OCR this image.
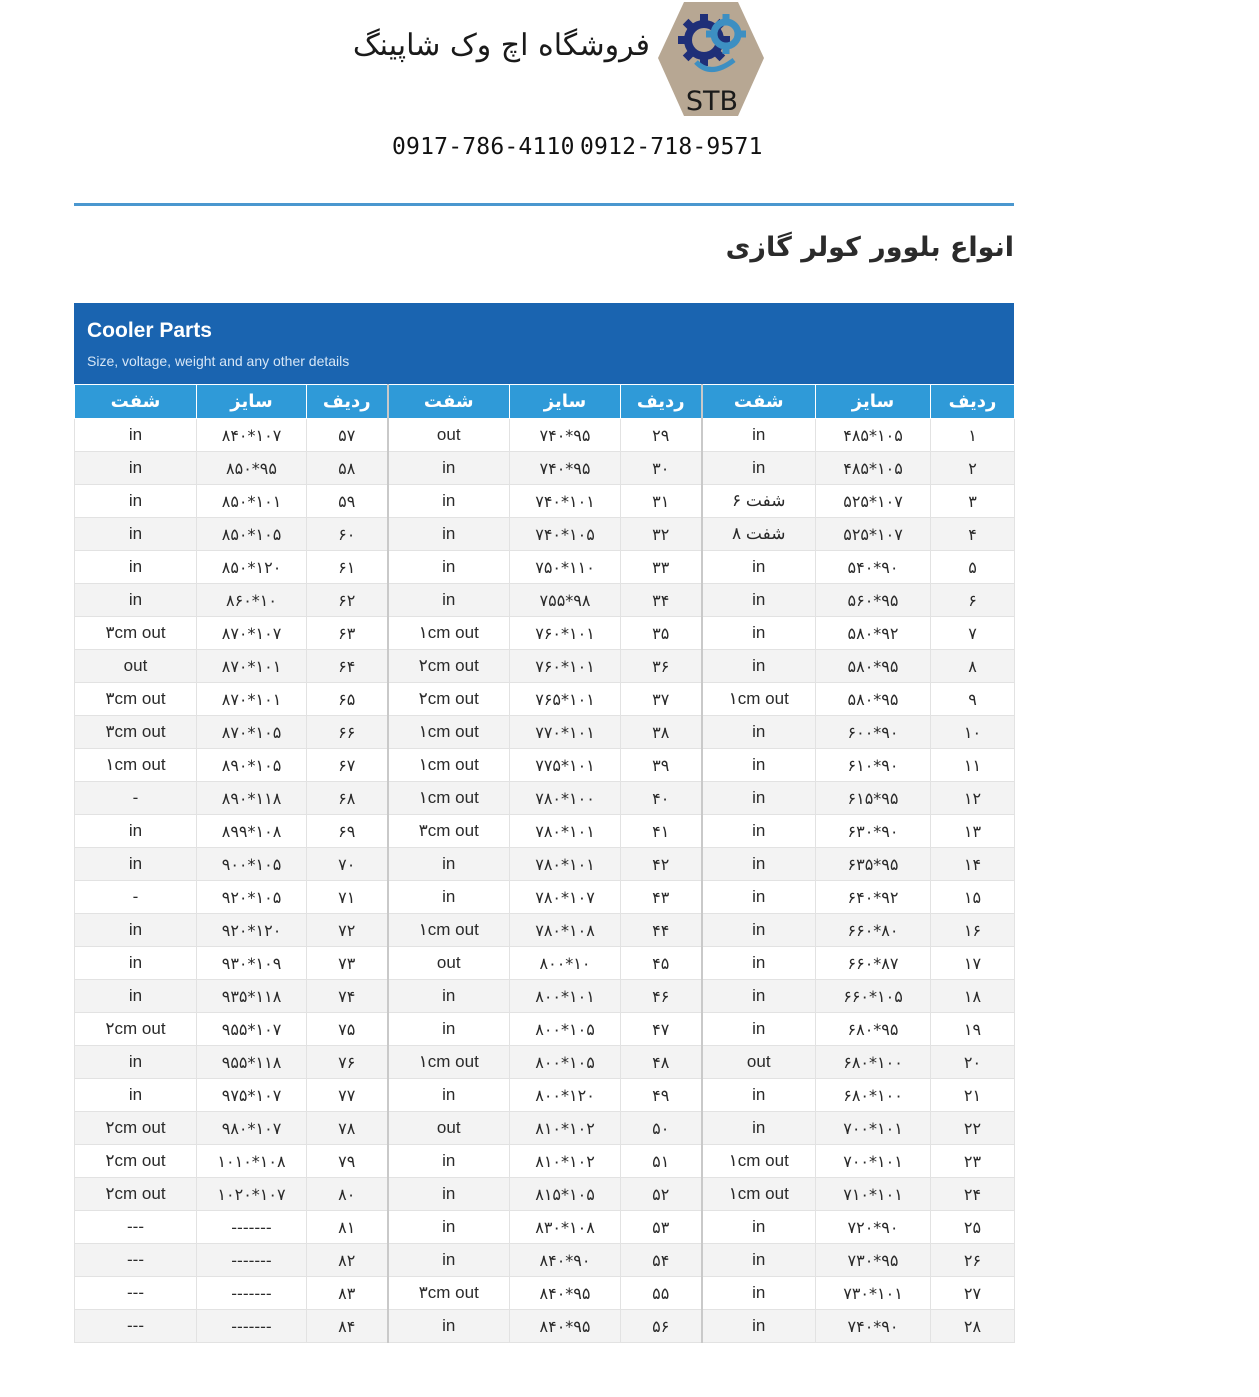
فروشگاه اچ وک شاپینگ
STB
0912-718-9571
0917-786-4110
انواع بلوور کولر گازی
Cooler Parts
Size, voltage, weight and any other details
شفت	سایز	ردیف	شفت	سایز	ردیف	شفت	سایز	ردیف
in	۸۴۰*۱۰۷	۵۷	out	۷۴۰*۹۵	۲۹	in	۴۸۵*۱۰۵	۱
in	۸۵۰*۹۵	۵۸	in	۷۴۰*۹۵	۳۰	in	۴۸۵*۱۰۵	۲
in	۸۵۰*۱۰۱	۵۹	in	۷۴۰*۱۰۱	۳۱	شفت ۶	۵۲۵*۱۰۷	۳
in	۸۵۰*۱۰۵	۶۰	in	۷۴۰*۱۰۵	۳۲	شفت ۸	۵۲۵*۱۰۷	۴
in	۸۵۰*۱۲۰	۶۱	in	۷۵۰*۱۱۰	۳۳	in	۵۴۰*۹۰	۵
in	۸۶۰*۱۰	۶۲	in	۷۵۵*۹۸	۳۴	in	۵۶۰*۹۵	۶
۳cm out	۸۷۰*۱۰۷	۶۳	۱cm out	۷۶۰*۱۰۱	۳۵	in	۵۸۰*۹۲	۷
out	۸۷۰*۱۰۱	۶۴	۲cm out	۷۶۰*۱۰۱	۳۶	in	۵۸۰*۹۵	۸
۳cm out	۸۷۰*۱۰۱	۶۵	۲cm out	۷۶۵*۱۰۱	۳۷	۱cm out	۵۸۰*۹۵	۹
۳cm out	۸۷۰*۱۰۵	۶۶	۱cm out	۷۷۰*۱۰۱	۳۸	in	۶۰۰*۹۰	۱۰
۱cm out	۸۹۰*۱۰۵	۶۷	۱cm out	۷۷۵*۱۰۱	۳۹	in	۶۱۰*۹۰	۱۱
-	۸۹۰*۱۱۸	۶۸	۱cm out	۷۸۰*۱۰۰	۴۰	in	۶۱۵*۹۵	۱۲
in	۸۹۹*۱۰۸	۶۹	۳cm out	۷۸۰*۱۰۱	۴۱	in	۶۳۰*۹۰	۱۳
in	۹۰۰*۱۰۵	۷۰	in	۷۸۰*۱۰۱	۴۲	in	۶۳۵*۹۵	۱۴
-	۹۲۰*۱۰۵	۷۱	in	۷۸۰*۱۰۷	۴۳	in	۶۴۰*۹۲	۱۵
in	۹۲۰*۱۲۰	۷۲	۱cm out	۷۸۰*۱۰۸	۴۴	in	۶۶۰*۸۰	۱۶
in	۹۳۰*۱۰۹	۷۳	out	۸۰۰*۱۰	۴۵	in	۶۶۰*۸۷	۱۷
in	۹۳۵*۱۱۸	۷۴	in	۸۰۰*۱۰۱	۴۶	in	۶۶۰*۱۰۵	۱۸
۲cm out	۹۵۵*۱۰۷	۷۵	in	۸۰۰*۱۰۵	۴۷	in	۶۸۰*۹۵	۱۹
in	۹۵۵*۱۱۸	۷۶	۱cm out	۸۰۰*۱۰۵	۴۸	out	۶۸۰*۱۰۰	۲۰
in	۹۷۵*۱۰۷	۷۷	in	۸۰۰*۱۲۰	۴۹	in	۶۸۰*۱۰۰	۲۱
۲cm out	۹۸۰*۱۰۷	۷۸	out	۸۱۰*۱۰۲	۵۰	in	۷۰۰*۱۰۱	۲۲
۲cm out	۱۰۱۰*۱۰۸	۷۹	in	۸۱۰*۱۰۲	۵۱	۱cm out	۷۰۰*۱۰۱	۲۳
۲cm out	۱۰۲۰*۱۰۷	۸۰	in	۸۱۵*۱۰۵	۵۲	۱cm out	۷۱۰*۱۰۱	۲۴
---	-------	۸۱	in	۸۳۰*۱۰۸	۵۳	in	۷۲۰*۹۰	۲۵
---	-------	۸۲	in	۸۴۰*۹۰	۵۴	in	۷۳۰*۹۵	۲۶
---	-------	۸۳	۳cm out	۸۴۰*۹۵	۵۵	in	۷۳۰*۱۰۱	۲۷
---	-------	۸۴	in	۸۴۰*۹۵	۵۶	in	۷۴۰*۹۰	۲۸
